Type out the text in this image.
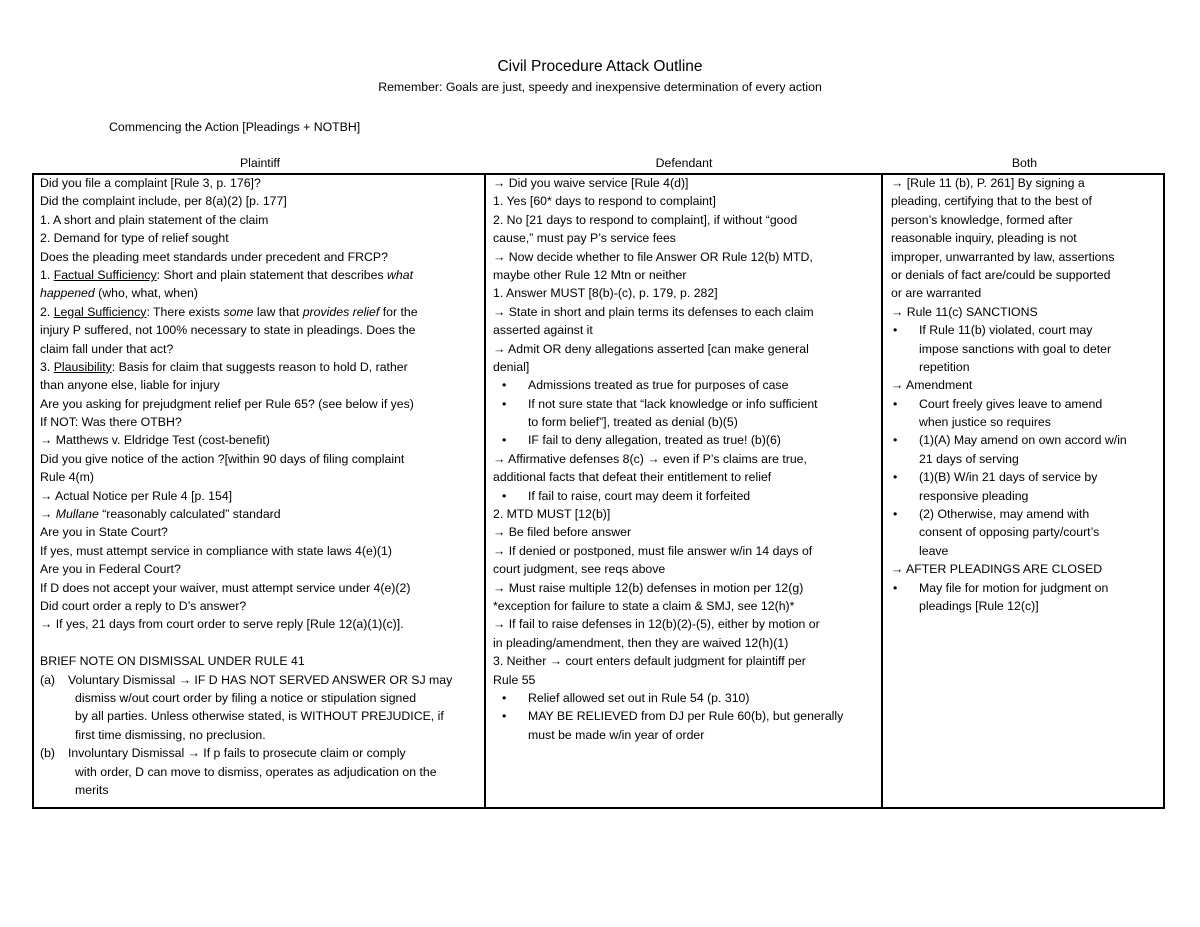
Civil Procedure Attack Outline
Remember: Goals are just, speedy and inexpensive determination of every action
Commencing the Action [Pleadings + NOTBH]
Plaintiff	Defendant	Both
Did you file a complaint [Rule 3, p. 176]?
Did the complaint include, per 8(a)(2) [p. 177]
1. A short and plain statement of the claim
2. Demand for type of relief sought
Does the pleading meet standards under precedent and FRCP?
1. Factual Sufficiency: Short and plain statement that describes what
happened (who, what, when)
2. Legal Sufficiency: There exists some law that provides relief for the
injury P suffered, not 100% necessary to state in pleadings. Does the
claim fall under that act?
3. Plausibility: Basis for claim that suggests reason to hold D, rather
than anyone else, liable for injury
Are you asking for prejudgment relief per Rule 65? (see below if yes)
If NOT: Was there OTBH?
→ Matthews v. Eldridge Test (cost-benefit)
Did you give notice of the action ?[within 90 days of filing complaint
Rule 4(m)
→ Actual Notice per Rule 4 [p. 154]
→ Mullane “reasonably calculated” standard
Are you in State Court?
If yes, must attempt service in compliance with state laws 4(e)(1)
Are you in Federal Court?
If D does not accept your waiver, must attempt service under 4(e)(2)
Did court order a reply to D’s answer?
→ If yes, 21 days from court order to serve reply [Rule 12(a)(1)(c)].
BRIEF NOTE ON DISMISSAL UNDER RULE 41
(a) Voluntary Dismissal → IF D HAS NOT SERVED ANSWER OR SJ may
dismiss w/out court order by filing a notice or stipulation signed
by all parties. Unless otherwise stated, is WITHOUT PREJUDICE, if
first time dismissing, no preclusion.
(b) Involuntary Dismissal → If p fails to prosecute claim or comply
with order, D can move to dismiss, operates as adjudication on the
merits
→ Did you waive service [Rule 4(d)]
1. Yes [60* days to respond to complaint]
2. No [21 days to respond to complaint], if without “good
cause,” must pay P’s service fees
→ Now decide whether to file Answer OR Rule 12(b) MTD,
maybe other Rule 12 Mtn or neither
1. Answer MUST [8(b)-(c), p. 179, p. 282]
→ State in short and plain terms its defenses to each claim
asserted against it
→ Admit OR deny allegations asserted [can make general
denial]
• Admissions treated as true for purposes of case
• If not sure state that “lack knowledge or info sufficient
to form belief”], treated as denial (b)(5)
• IF fail to deny allegation, treated as true! (b)(6)
→ Affirmative defenses 8(c) → even if P’s claims are true,
additional facts that defeat their entitlement to relief
• If fail to raise, court may deem it forfeited
2. MTD MUST [12(b)]
→ Be filed before answer
→ If denied or postponed, must file answer w/in 14 days of
court judgment, see reqs above
→ Must raise multiple 12(b) defenses in motion per 12(g)
*exception for failure to state a claim & SMJ, see 12(h)*
→ If fail to raise defenses in 12(b)(2)-(5), either by motion or
in pleading/amendment, then they are waived 12(h)(1)
3. Neither → court enters default judgment for plaintiff per
Rule 55
• Relief allowed set out in Rule 54 (p. 310)
• MAY BE RELIEVED from DJ per Rule 60(b), but generally
must be made w/in year of order
→ [Rule 11 (b), P. 261] By signing a
pleading, certifying that to the best of
person’s knowledge, formed after
reasonable inquiry, pleading is not
improper, unwarranted by law, assertions
or denials of fact are/could be supported
or are warranted
→ Rule 11(c) SANCTIONS
• If Rule 11(b) violated, court may
impose sanctions with goal to deter
repetition
→ Amendment
• Court freely gives leave to amend
when justice so requires
• (1)(A) May amend on own accord w/in
21 days of serving
• (1)(B) W/in 21 days of service by
responsive pleading
• (2) Otherwise, may amend with
consent of opposing party/court’s
leave
→ AFTER PLEADINGS ARE CLOSED
• May file for motion for judgment on
pleadings [Rule 12(c)]
